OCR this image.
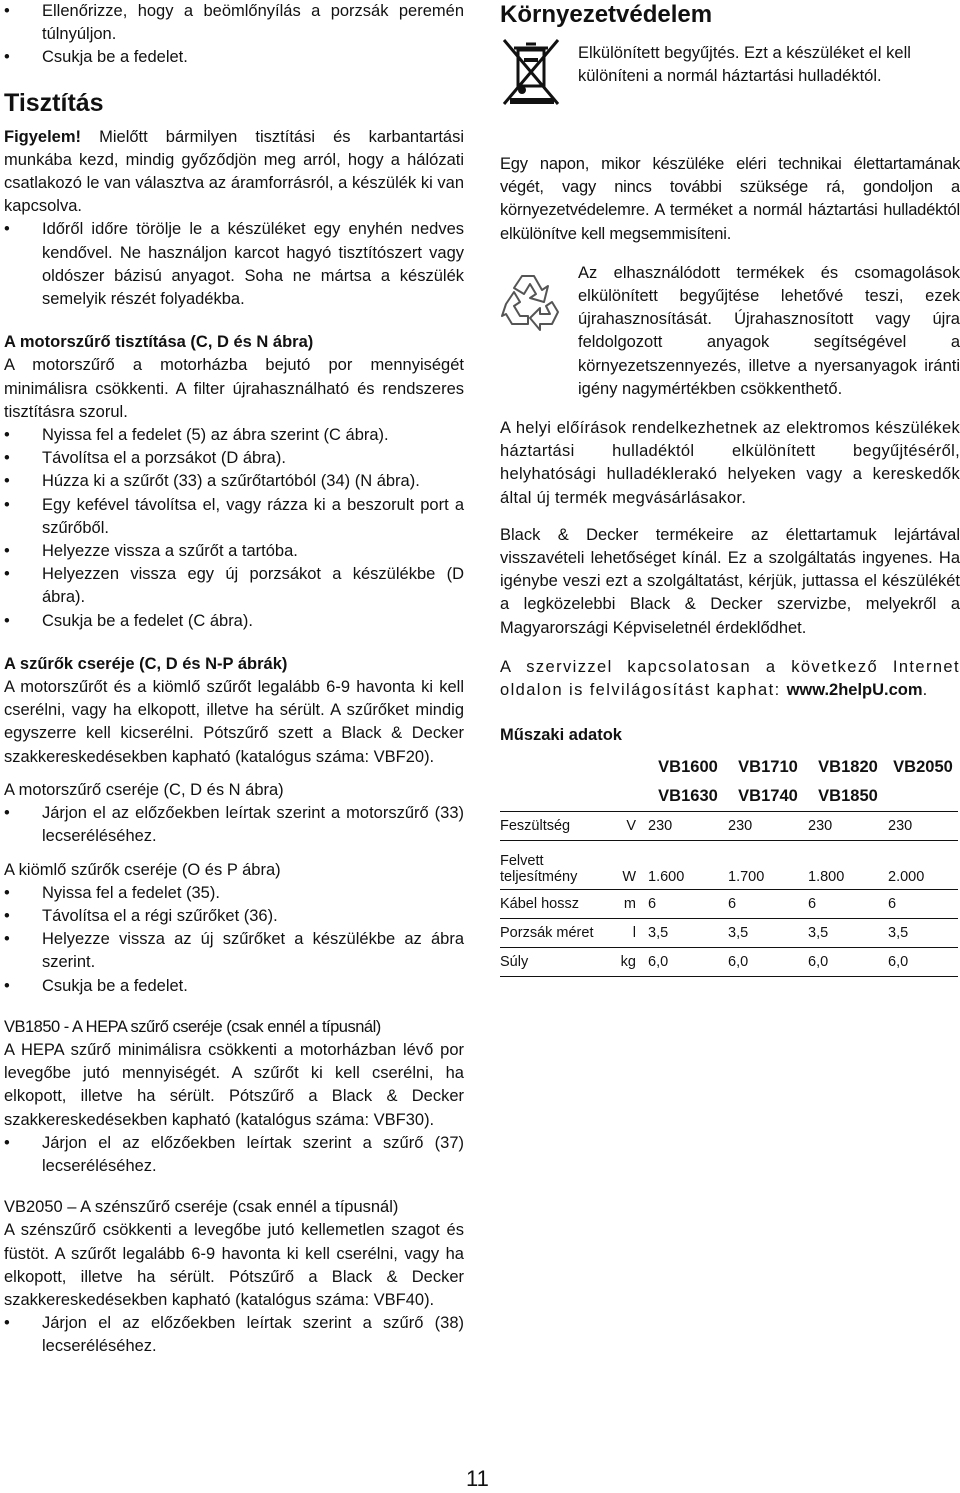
•	Ellenőrizze, hogy a beömlőnyílás a porzsák peremén túlnyúljon.
•	Csukja be a fedelet.
Tisztítás

Figyelem! Mielőtt bármilyen tisztítási és karbantartási munkába kezd, mindig győződjön meg arról, hogy a hálózati csatlakozó le van választva az áramforrásról, a készülék ki van kapcsolva.

•	Időről időre törölje le a készüléket egy enyhén nedves kendővel. Ne használjon karcot hagyó tisztítószert vagy oldószer bázisú anyagot. Soha ne mártsa a készülék semelyik részét folyadékba.
A motorszűrő tisztítása (C, D és N ábra)

A motorszűrő a motorházba bejutó por mennyiségét minimálisra csökkenti. A filter újrahasználható és rendszeres tisztításra szorul.

•	Nyissa fel a fedelet (5) az ábra szerint (C ábra).
•	Távolítsa el a porzsákot (D ábra).
•	Húzza ki a szűrőt (33) a szűrőtartóból (34) (N ábra).
•	Egy kefével távolítsa el, vagy rázza ki a beszorult port a szűrőből.
•	Helyezze vissza a szűrőt a tartóba.
•	Helyezzen vissza egy új porzsákot a készülékbe (D ábra).
•	Csukja be a fedelet (C ábra).
A szűrők cseréje (C, D és N-P ábrák)

A motorszűrőt és a kiömlő szűrőt legalább 6-9 havonta ki kell cserélni, vagy ha elkopott, illetve ha sérült. A szűrőket mindig egyszerre kell kicserélni. Pótszűrő szett a Black & Decker szakkereskedésekben kapható (katalógus száma: VBF20).

A motorszűrő cseréje (C, D és N ábra)

•	Járjon el az előzőekben leírtak szerint a motorszűrő (33) lecseréléséhez.

A kiömlő szűrők cseréje (O és P ábra)

•	Nyissa fel a fedelet (35).
•	Távolítsa el a régi szűrőket (36).
•	Helyezze vissza az új szűrőket a készülékbe az ábra szerint.
•	Csukja be a fedelet.

VB1850 - A HEPA szűrő cseréje (csak ennél a típusnál)

A HEPA szűrő minimálisra csökkenti a motorházban lévő por levegőbe jutó mennyiségét. A szűrőt ki kell cserélni, ha elkopott, illetve ha sérült. Pótszűrő a Black & Decker szakkereskedésekben kapható (katalógus száma: VBF30).

•	Járjon el az előzőekben leírtak szerint a szűrő (37) lecseréléséhez.

VB2050 – A szénszűrő cseréje (csak ennél a típusnál)

A szénszűrő csökkenti a levegőbe jutó kellemetlen szagot és füstöt. A szűrőt legalább 6-9 havonta ki kell cserélni, vagy ha elkopott, illetve ha sérült. Pótszűrő a Black & Decker szakkereskedésekben kapható (katalógus száma: VBF40).

•	Járjon el az előzőekben leírtak szerint a szűrő (38) lecseréléséhez.
Környezetvédelem

Elkülönített begyűjtés. Ezt a készüléket el kell különíteni a normál háztartási hulladéktól.

Egy napon, mikor készüléke eléri technikai élettartamának végét, vagy nincs további szüksége rá, gondoljon a környezetvédelemre. A terméket a normál háztartási hulladéktól elkülönítve kell megsemmisíteni.

Az elhasználódott termékek és csomagolások elkülönített begyűjtése lehetővé teszi, ezek újrahasznosítását. Újrahasznosított vagy újra feldolgozott anyagok segítségével a környezetszennyezés, illetve a nyersanyagok iránti igény nagymértékben csökkenthető.

A helyi előírások rendelkezhetnek az elektromos készülékek háztartási hulladéktól elkülönített begyűjtéséről, helyhatósági hulladéklerakó helyeken vagy a kereskedők által új termék megvásárlásakor.

Black & Decker termékeire az élettartamuk lejártával visszavételi lehetőséget kínál. Ez a szolgáltatás ingyenes. Ha igénybe veszi ezt a szolgáltatást, kérjük, juttassa el készülékét a legközelebbi Black & Decker szervizbe, melyekről a Magyarországi Képviseletnél érdeklődhet.

A szervizzel kapcsolatosan a következő Internet oldalon is felvilágosítást kaphat: www.2helpU.com.

Műszaki adatok
		VB1600	VB1710	VB1820	VB2050
		VB1630	VB1740	VB1850	
Feszültség	V	230	230	230	230
Felvett teljesítmény	W	1.600	1.700	1.800	2.000
Kábel hossz	m	6	6	6	6
Porzsák méret	l	3,5	3,5	3,5	3,5
Súly	kg	6,0	6,0	6,0	6,0
11
